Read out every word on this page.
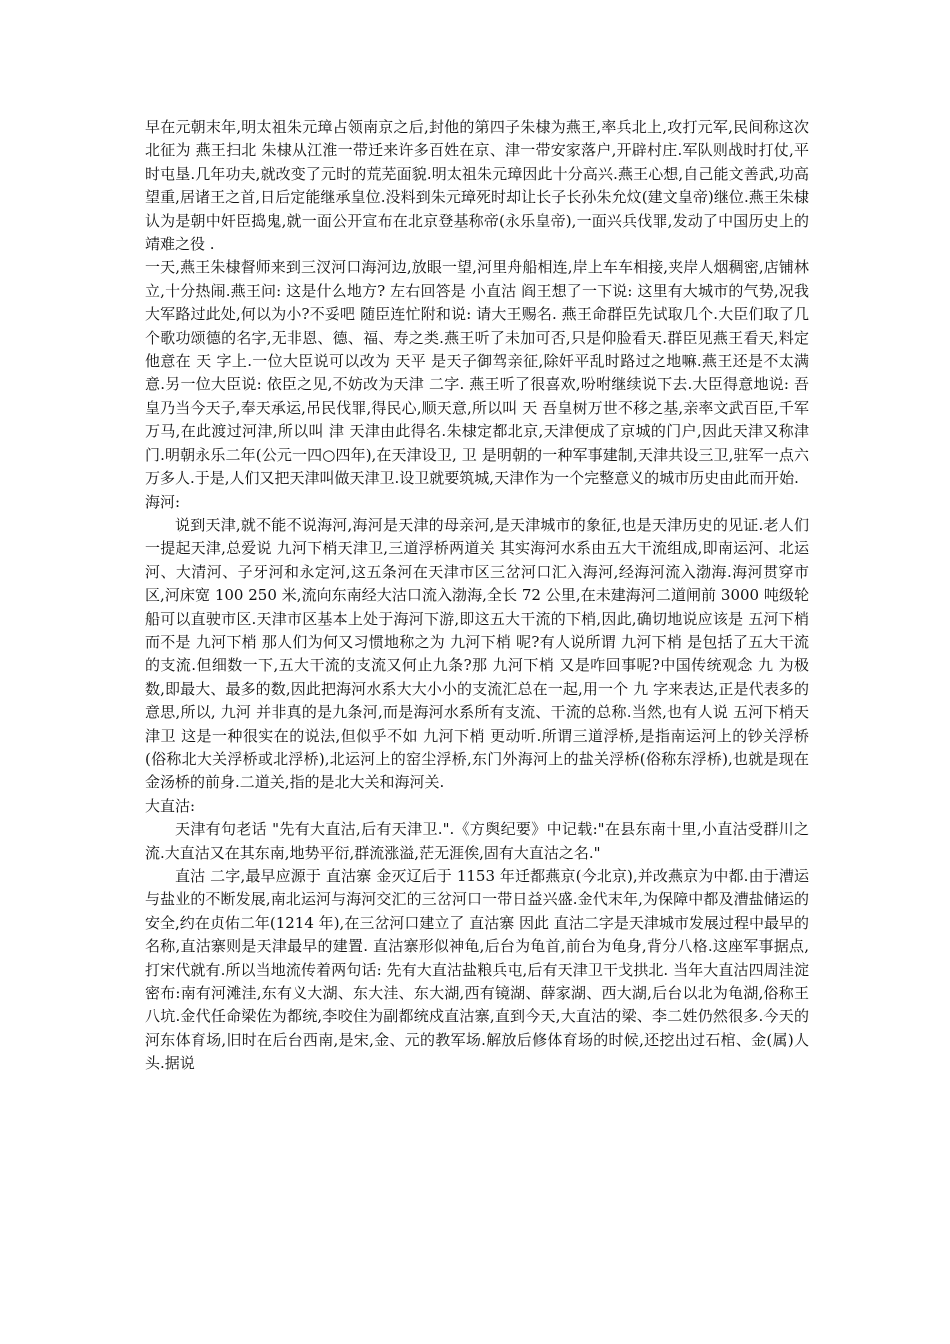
早在元朝末年,明太祖朱元璋占领南京之后,封他的第四子朱棣为燕王,率兵北上,攻打元军,民间称这次北征为 燕王扫北 朱棣从江淮一带迁来许多百姓在京、津一带安家落户,开辟村庄.军队则战时打仗,平时屯垦.几年功夫,就改变了元时的荒芜面貌.明太祖朱元璋因此十分高兴.燕王心想,自己能文善武,功高望重,居诸王之首,日后定能继承皇位.没料到朱元璋死时却让长子长孙朱允炆(建文皇帝)继位.燕王朱棣认为是朝中奸臣捣鬼,就一面公开宣布在北京登基称帝(永乐皇帝),一面兴兵伐罪,发动了中国历史上的 靖难之役 .

一天,燕王朱棣督师来到三汊河口海河边,放眼一望,河里舟船相连,岸上车车相接,夹岸人烟稠密,店铺林立,十分热闹.燕王问: 这是什么地方? 左右回答是 小直沽 阎王想了一下说: 这里有大城市的气势,况我大军路过此处,何以为小?不妥吧 随臣连忙附和说: 请大王赐名. 燕王命群臣先试取几个.大臣们取了几个歌功颂德的名字,无非恩、德、福、寿之类.燕王听了未加可否,只是仰脸看天.群臣见燕王看天,料定他意在 天 字上.一位大臣说可以改为 天平 是天子御驾亲征,除奸平乱时路过之地嘛.燕王还是不太满意.另一位大臣说: 依臣之见,不妨改为天津 二字. 燕王听了很喜欢,吩咐继续说下去.大臣得意地说: 吾皇乃当今天子,奉天承运,吊民伐罪,得民心,顺天意,所以叫 天 吾皇树万世不移之基,亲率文武百臣,千军万马,在此渡过河津,所以叫 津 天津由此得名.朱棣定都北京,天津便成了京城的门户,因此天津又称津门.明朝永乐二年(公元一四○四年),在天津设卫, 卫 是明朝的一种军事建制,天津共设三卫,驻军一点六万多人.于是,人们又把天津叫做天津卫.设卫就要筑城,天津作为一个完整意义的城市历史由此而开始.

海河:

说到天津,就不能不说海河,海河是天津的母亲河,是天津城市的象征,也是天津历史的见证.老人们一提起天津,总爱说 九河下梢天津卫,三道浮桥两道关 其实海河水系由五大干流组成,即南运河、北运河、大清河、子牙河和永定河,这五条河在天津市区三岔河口汇入海河,经海河流入渤海.海河贯穿市区,河床宽 100 250 米,流向东南经大沽口流入渤海,全长 72 公里,在未建海河二道闸前 3000 吨级轮船可以直驶市区.天津市区基本上处于海河下游,即这五大干流的下梢,因此,确切地说应该是 五河下梢 而不是 九河下梢 那人们为何又习惯地称之为 九河下梢 呢?有人说所谓 九河下梢 是包括了五大干流的支流.但细数一下,五大干流的支流又何止九条?那 九河下梢 又是咋回事呢?中国传统观念 九 为极数,即最大、最多的数,因此把海河水系大大小小的支流汇总在一起,用一个 九 字来表达,正是代表多的意思,所以, 九河 并非真的是九条河,而是海河水系所有支流、干流的总称.当然,也有人说 五河下梢天津卫 这是一种很实在的说法,但似乎不如 九河下梢 更动听.所谓三道浮桥,是指南运河上的钞关浮桥(俗称北大关浮桥或北浮桥),北运河上的窑尘浮桥,东门外海河上的盐关浮桥(俗称东浮桥),也就是现在金汤桥的前身.二道关,指的是北大关和海河关.

大直沽:

天津有句老话 "先有大直沽,后有天津卫.".《方舆纪要》中记载:"在县东南十里,小直沽受群川之流.大直沽又在其东南,地势平衍,群流涨溢,茫无涯俟,固有大直沽之名."

直沽 二字,最早应源于 直沽寨 金灭辽后于 1153 年迁都燕京(今北京),并改燕京为中都.由于漕运与盐业的不断发展,南北运河与海河交汇的三岔河口一带日益兴盛.金代末年,为保障中都及漕盐储运的安全,约在贞佑二年(1214 年),在三岔河口建立了 直沽寨 因此 直沽二字是天津城市发展过程中最早的名称,直沽寨则是天津最早的建置. 直沽寨形似神龟,后台为龟首,前台为龟身,背分八格.这座军事据点,打宋代就有.所以当地流传着两句话: 先有大直沽盐粮兵屯,后有天津卫干戈拱北. 当年大直沽四周洼淀密布:南有河滩洼,东有义大湖、东大洼、东大湖,西有镜湖、薛家湖、西大湖,后台以北为龟湖,俗称王八坑.金代任命梁佐为都统,李咬住为副都统戍直沽寨,直到今天,大直沽的梁、李二姓仍然很多.今天的河东体育场,旧时在后台西南,是宋,金、元的教军场.解放后修体育场的时候,还挖出过石棺、金(属)人头.据说
